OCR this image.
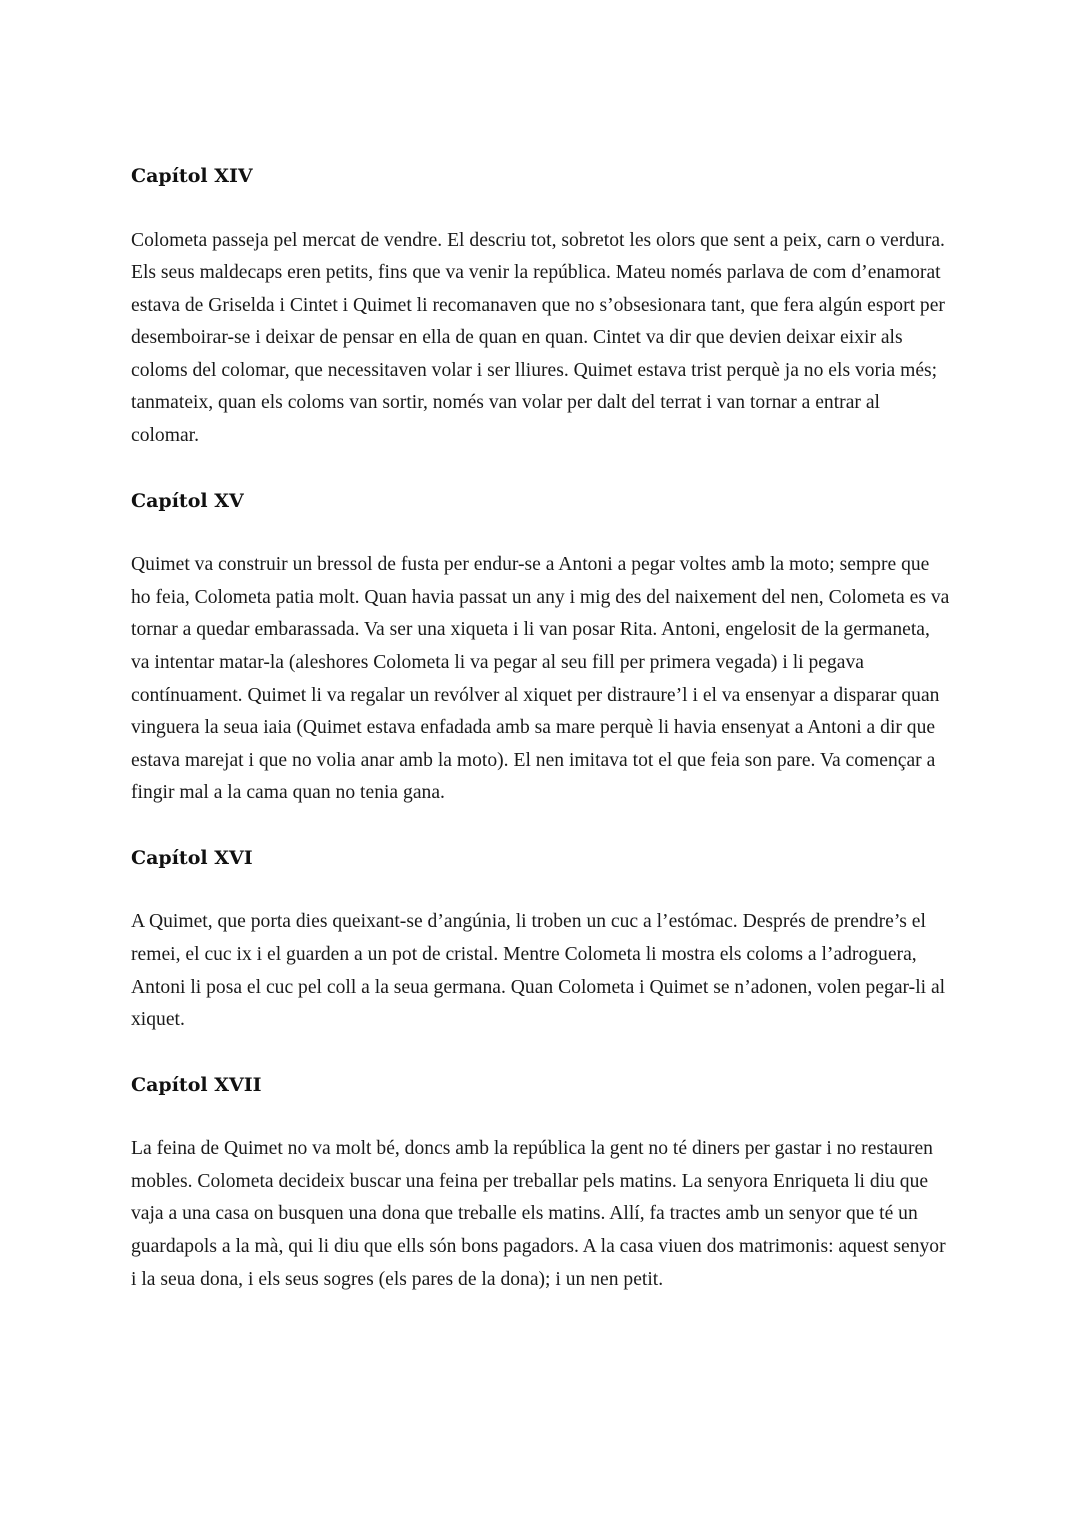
Capítol XIV

Colometa passeja pel mercat de vendre. El descriu tot, sobretot les olors que sent a peix, carn o verdura. Els seus maldecaps eren petits, fins que va venir la república. Mateu només parlava de com d’enamorat estava de Griselda i Cintet i Quimet li recomanaven que no s’obsesionara tant, que fera algún esport per desemboirar-se i deixar de pensar en ella de quan en quan. Cintet va dir que devien deixar eixir als coloms del colomar, que necessitaven volar i ser lliures. Quimet estava trist perquè ja no els voria més; tanmateix, quan els coloms van sortir, només van volar per dalt del terrat i van tornar a entrar al colomar.

Capítol XV

Quimet va construir un bressol de fusta per endur-se a Antoni a pegar voltes amb la moto; sempre que ho feia, Colometa patia molt. Quan havia passat un any i mig des del naixement del nen, Colometa es va tornar a quedar embarassada. Va ser una xiqueta i li van posar Rita. Antoni, engelosit de la germaneta, va intentar matar-la (aleshores Colometa li va pegar al seu fill per primera vegada) i li pegava contínuament. Quimet li va regalar un revólver al xiquet per distraure’l i el va ensenyar a disparar quan vinguera la seua iaia (Quimet estava enfadada amb sa mare perquè li havia ensenyat a Antoni a dir que estava marejat i que no volia anar amb la moto). El nen imitava tot el que feia son pare. Va començar a fingir mal a la cama quan no tenia gana.

Capítol XVI

A Quimet, que porta dies queixant-se d’angúnia, li troben un cuc a l’estómac. Després de prendre’s el remei, el cuc ix i el guarden a un pot de cristal. Mentre Colometa li mostra els coloms a l’adroguera, Antoni li posa el cuc pel coll a la seua germana. Quan Colometa i Quimet se n’adonen, volen pegar-li al xiquet.

Capítol XVII

La feina de Quimet no va molt bé, doncs amb la república la gent no té diners per gastar i no restauren mobles. Colometa decideix buscar una feina per treballar pels matins. La senyora Enriqueta li diu que vaja a una casa on busquen una dona que treballe els matins. Allí, fa tractes amb un senyor que té un guardapols a la mà, qui li diu que ells són bons pagadors. A la casa viuen dos matrimonis: aquest senyor i la seua dona, i els seus sogres (els pares de la dona); i un nen petit.
